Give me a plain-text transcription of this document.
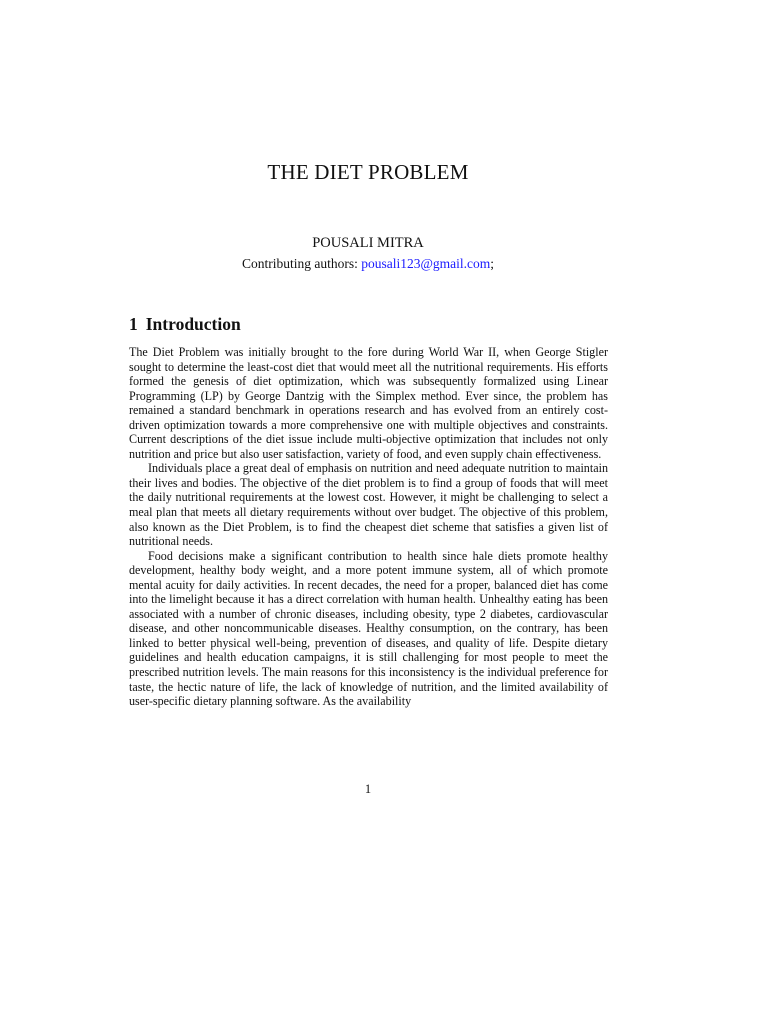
THE DIET PROBLEM
POUSALI MITRA
Contributing authors: pousali123@gmail.com;
1 Introduction

The Diet Problem was initially brought to the fore during World War II, when George Stigler sought to determine the least-cost diet that would meet all the nutritional requirements. His efforts formed the genesis of diet optimization, which was subsequently formalized using Linear Programming (LP) by George Dantzig with the Simplex method. Ever since, the problem has remained a standard benchmark in operations research and has evolved from an entirely cost-driven optimization towards a more comprehensive one with multiple objectives and constraints. Current descriptions of the diet issue include multi-objective optimization that includes not only nutrition and price but also user satisfaction, variety of food, and even supply chain effectiveness.

Individuals place a great deal of emphasis on nutrition and need adequate nutrition to maintain their lives and bodies. The objective of the diet problem is to find a group of foods that will meet the daily nutritional requirements at the lowest cost. However, it might be challenging to select a meal plan that meets all dietary requirements without over budget. The objective of this problem, also known as the Diet Problem, is to find the cheapest diet scheme that satisfies a given list of nutritional needs.

Food decisions make a significant contribution to health since hale diets promote healthy development, healthy body weight, and a more potent immune system, all of which promote mental acuity for daily activities. In recent decades, the need for a proper, balanced diet has come into the limelight because it has a direct correlation with human health. Unhealthy eating has been associated with a number of chronic diseases, including obesity, type 2 diabetes, cardiovascular disease, and other noncommunicable diseases. Healthy consumption, on the contrary, has been linked to better physical well-being, prevention of diseases, and quality of life. Despite dietary guidelines and health education campaigns, it is still challenging for most people to meet the prescribed nutrition levels. The main reasons for this inconsistency is the individual preference for taste, the hectic nature of life, the lack of knowledge of nutrition, and the limited availability of user-specific dietary planning software. As the availability

1
